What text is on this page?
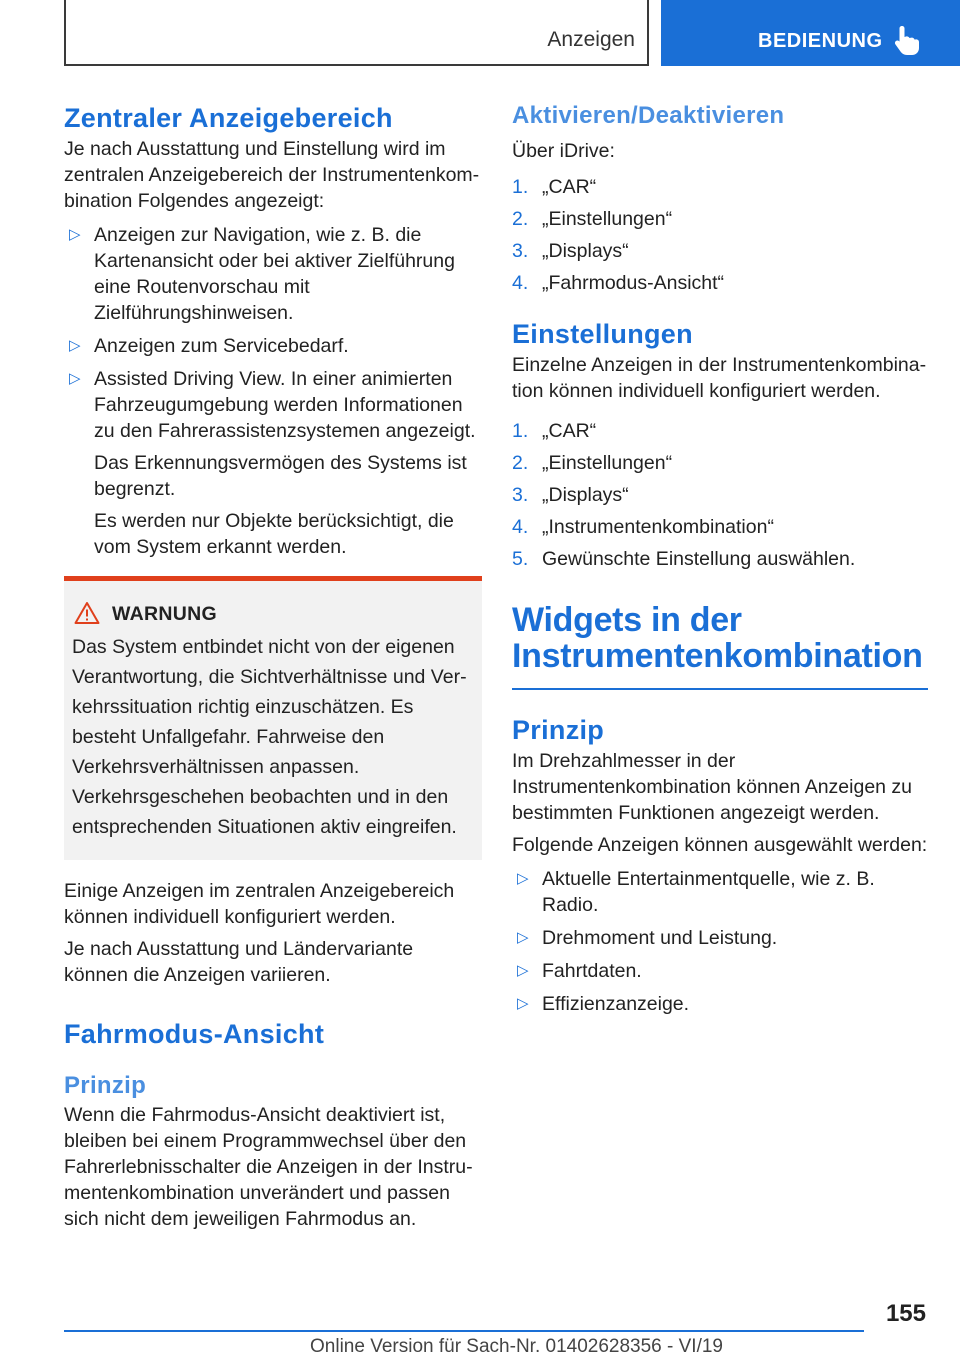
Anzeigen	BEDIENUNG
Zentraler Anzeigebereich

Je nach Ausstattung und Einstellung wird im zentralen Anzeigebereich der Instrumentenkombination Folgendes angezeigt:

▷ Anzeigen zur Navigation, wie z. B. die Kartenansicht oder bei aktiver Zielführung eine Routenvorschau mit Zielführungshinweisen.
▷ Anzeigen zum Servicebedarf.
▷ Assisted Driving View. In einer animierten Fahrzeugumgebung werden Informationen zu den Fahrerassistenzsystemen angezeigt.

Das Erkennungsvermögen des Systems ist begrenzt.

Es werden nur Objekte berücksichtigt, die vom System erkannt werden.

WARNUNG

Das System entbindet nicht von der eigenen Verantwortung, die Sichtverhältnisse und Verkehrssituation richtig einzuschätzen. Es besteht Unfallgefahr. Fahrweise den Verkehrsverhältnissen anpassen. Verkehrsgeschehen beobachten und in den entsprechenden Situationen aktiv eingreifen.

Einige Anzeigen im zentralen Anzeigebereich können individuell konfiguriert werden.

Je nach Ausstattung und Ländervariante können die Anzeigen variieren.

Fahrmodus-Ansicht
Prinzip

Wenn die Fahrmodus-Ansicht deaktiviert ist, bleiben bei einem Programmwechsel über den Fahrerlebnisschalter die Anzeigen in der Instrumentenkombination unverändert und passen sich nicht dem jeweiligen Fahrmodus an.

Aktivieren/Deaktivieren

Über iDrive:

1. „CAR“
2. „Einstellungen“
3. „Displays“
4. „Fahrmodus-Ansicht“
Einstellungen

Einzelne Anzeigen in der Instrumentenkombination können individuell konfiguriert werden.

1. „CAR“
2. „Einstellungen“
3. „Displays“
4. „Instrumentenkombination“
5. Gewünschte Einstellung auswählen.
Widgets in der
Instrumentenkombination
Prinzip

Im Drehzahlmesser in der Instrumentenkombination können Anzeigen zu bestimmten Funktionen angezeigt werden.

Folgende Anzeigen können ausgewählt werden:

▷ Aktuelle Entertainmentquelle, wie z. B. Radio.
▷ Drehmoment und Leistung.
▷ Fahrtdaten.
▷ Effizienzanzeige.
155
Online Version für Sach-Nr. 01402628356 - VI/19
